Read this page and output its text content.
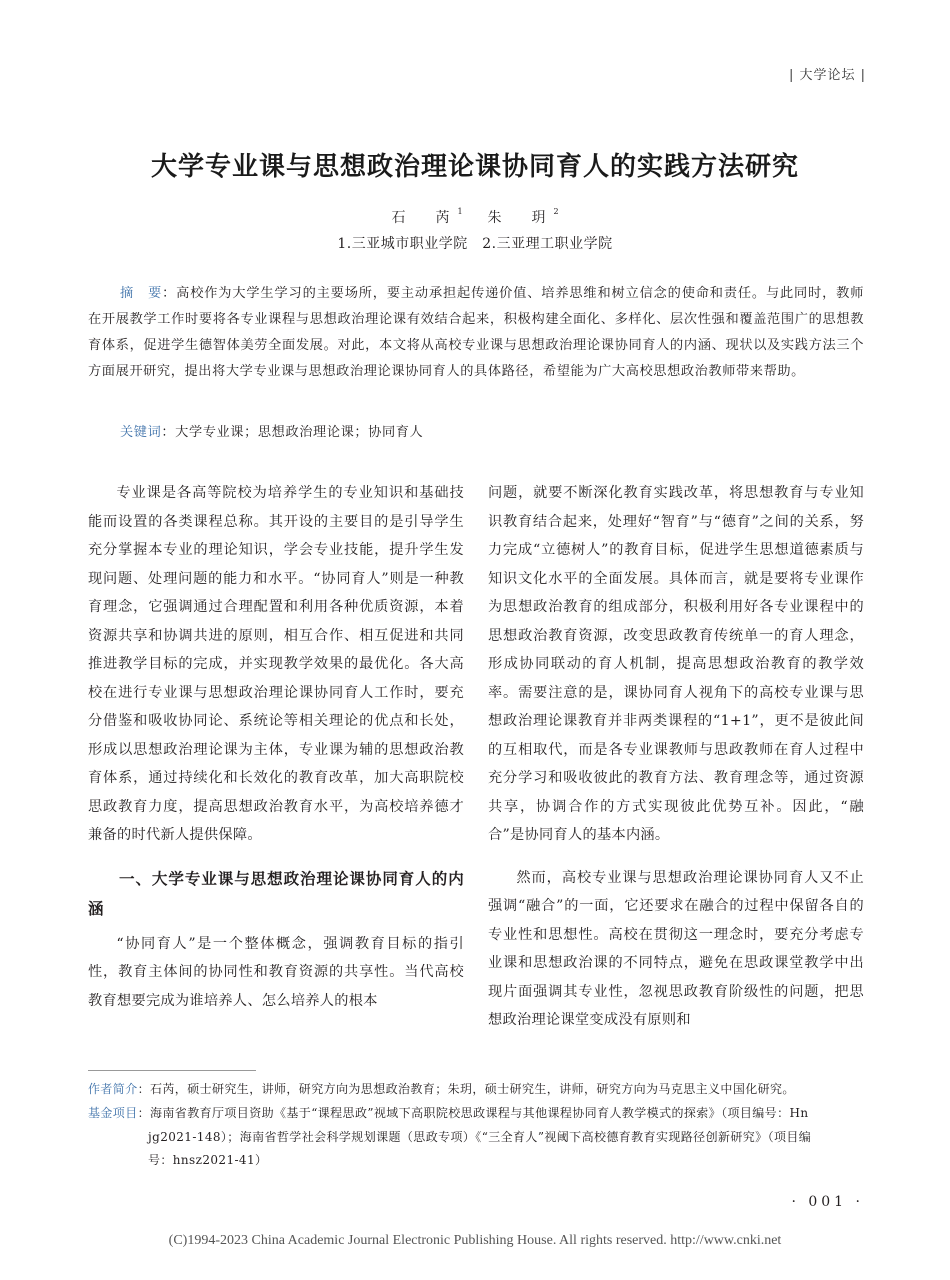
| 大学论坛 |
大学专业课与思想政治理论课协同育人的实践方法研究
石　芮$^1$ 朱　玥$^2$
1.三亚城市职业学院　2.三亚理工职业学院
摘　要：高校作为大学生学习的主要场所，要主动承担起传递价值、培养思维和树立信念的使命和责任。与此同时，教师在开展教学工作时要将各专业课程与思想政治理论课有效结合起来，积极构建全面化、多样化、层次性强和覆盖范围广的思想教育体系，促进学生德智体美劳全面发展。对此，本文将从高校专业课与思想政治理论课协同育人的内涵、现状以及实践方法三个方面展开研究，提出将大学专业课与思想政治理论课协同育人的具体路径，希望能为广大高校思想政治教师带来帮助。
关键词：大学专业课；思想政治理论课；协同育人

专业课是各高等院校为培养学生的专业知识和基础技能而设置的各类课程总称。其开设的主要目的是引导学生充分掌握本专业的理论知识，学会专业技能，提升学生发现问题、处理问题的能力和水平。“协同育人”则是一种教育理念，它强调通过合理配置和利用各种优质资源，本着资源共享和协调共进的原则，相互合作、相互促进和共同推进教学目标的完成，并实现教学效果的最优化。各大高校在进行专业课与思想政治理论课协同育人工作时，要充分借鉴和吸收协同论、系统论等相关理论的优点和长处，形成以思想政治理论课为主体，专业课为辅的思想政治教育体系，通过持续化和长效化的教育改革，加大高职院校思政教育力度，提高思想政治教育水平，为高校培养德才兼备的时代新人提供保障。

一、大学专业课与思想政治理论课协同育人的内涵

“协同育人”是一个整体概念，强调教育目标的指引性，教育主体间的协同性和教育资源的共享性。当代高校教育想要完成为谁培养人、怎么培养人的根本

问题，就要不断深化教育实践改革，将思想教育与专业知识教育结合起来，处理好“智育”与“德育”之间的关系，努力完成“立德树人”的教育目标，促进学生思想道德素质与知识文化水平的全面发展。具体而言，就是要将专业课作为思想政治教育的组成部分，积极利用好各专业课程中的思想政治教育资源，改变思政教育传统单一的育人理念，形成协同联动的育人机制，提高思想政治教育的教学效率。需要注意的是，课协同育人视角下的高校专业课与思想政治理论课教育并非两类课程的“1+1”，更不是彼此间的互相取代，而是各专业课教师与思政教师在育人过程中充分学习和吸收彼此的教育方法、教育理念等，通过资源共享，协调合作的方式实现彼此优势互补。因此，“融合”是协同育人的基本内涵。

然而，高校专业课与思想政治理论课协同育人又不止强调“融合”的一面，它还要求在融合的过程中保留各自的专业性和思想性。高校在贯彻这一理念时，要充分考虑专业课和思想政治课的不同特点，避免在思政课堂教学中出现片面强调其专业性，忽视思政教育阶级性的问题，把思想政治理论课堂变成没有原则和

作者简介：石芮，硕士研究生，讲师，研究方向为思想政治教育；朱玥，硕士研究生，讲师，研究方向为马克思主义中国化研究。
基金项目：海南省教育厅项目资助《基于“课程思政”视域下高职院校思政课程与其他课程协同育人教学模式的探索》（项目编号：Hn
jg2021-148）；海南省哲学社会科学规划课题（思政专项）《“三全育人”视阈下高校德育教育实现路径创新研究》（项目编
号：hnsz2021-41）
· 001 ·
(C)1994-2023 China Academic Journal Electronic Publishing House. All rights reserved. http://www.cnki.net
